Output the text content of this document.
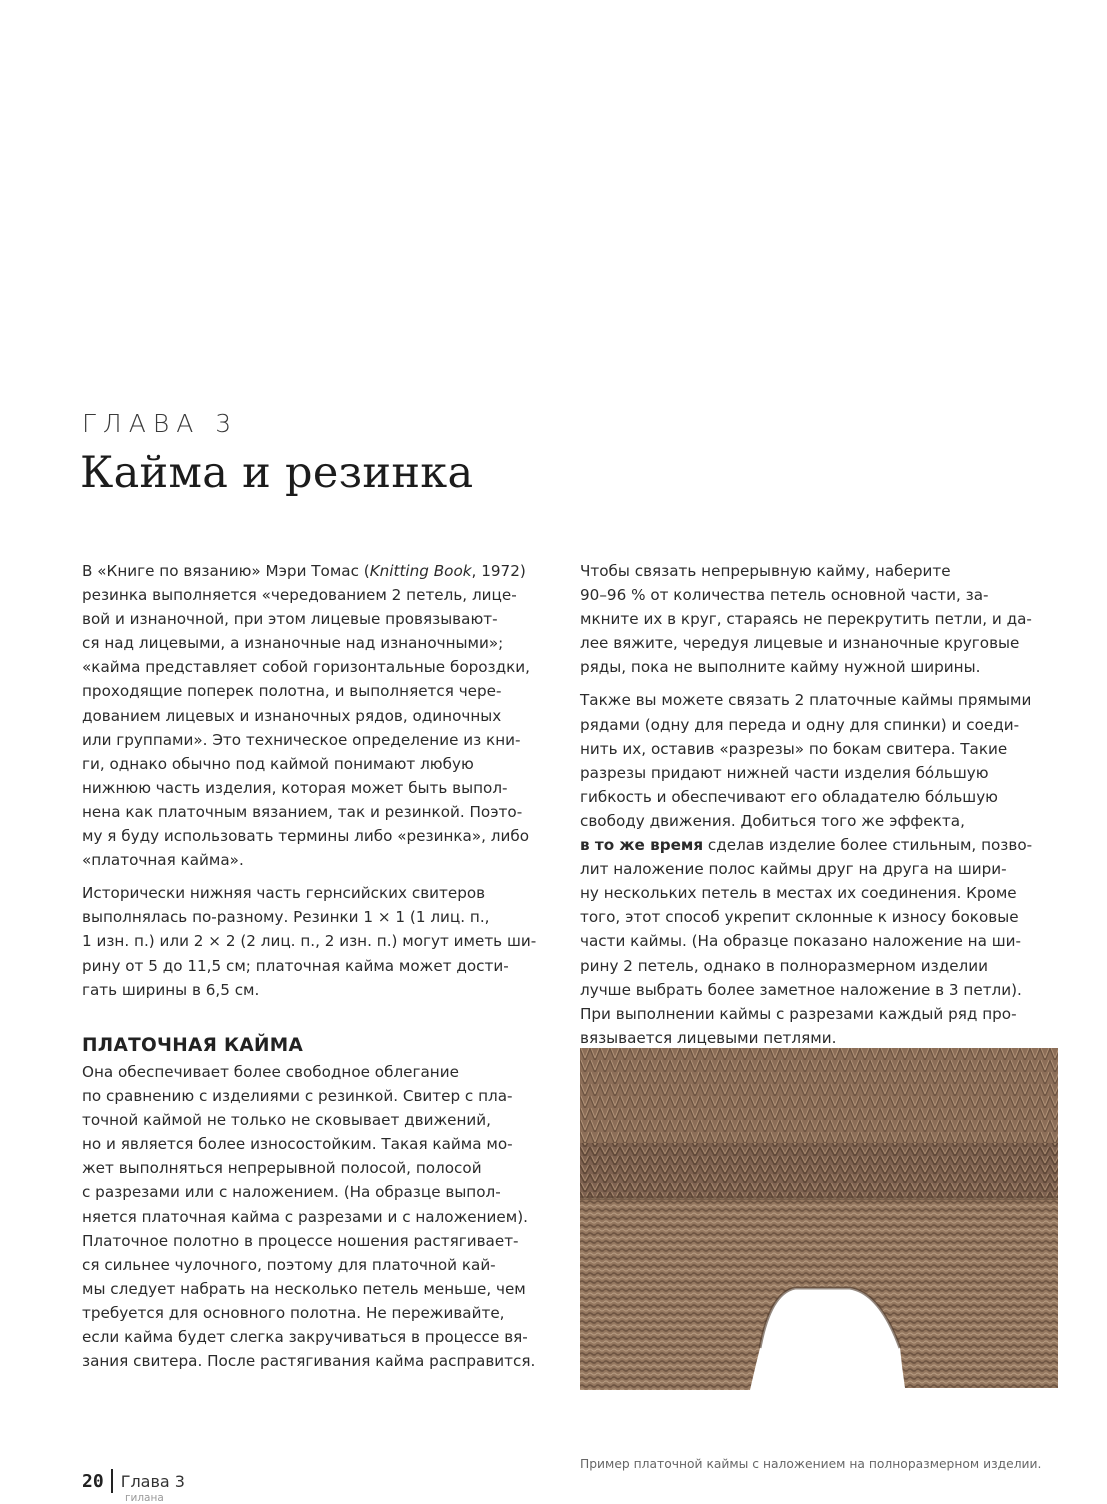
ГЛАВА 3
Кайма и резинка

В «Книге по вязанию» Мэри Томас (Knitting Book, 1972)
резинка выполняется «чередованием 2 петель, лице-
вой и изнаночной, при этом лицевые провязывают-
ся над лицевыми, а изнаночные над изнаночными»;
«кайма представляет собой горизонтальные бороздки,
проходящие поперек полотна, и выполняется чере-
дованием лицевых и изнаночных рядов, одиночных
или группами». Это техническое определение из кни-
ги, однако обычно под каймой понимают любую
нижнюю часть изделия, которая может быть выпол-
нена как платочным вязанием, так и резинкой. Поэто-
му я буду использовать термины либо «резинка», либо
«платочная кайма».

Исторически нижняя часть гернсийских свитеров
выполнялась по-разному. Резинки 1 × 1 (1 лиц. п.,
1 изн. п.) или 2 × 2 (2 лиц. п., 2 изн. п.) могут иметь ши-
рину от 5 до 11,5 см; платочная кайма может дости-
гать ширины в 6,5 см.

ПЛАТОЧНАЯ КАЙМА

Она обеспечивает более свободное облегание
по сравнению с изделиями с резинкой. Свитер с пла-
точной каймой не только не сковывает движений,
но и является более износостойким. Такая кайма мо-
жет выполняться непрерывной полосой, полосой
с разрезами или с наложением. (На образце выпол-
няется платочная кайма с разрезами и с наложением).
Платочное полотно в процессе ношения растягивает-
ся сильнее чулочного, поэтому для платочной кай-
мы следует набрать на несколько петель меньше, чем
требуется для основного полотна. Не переживайте,
если кайма будет слегка закручиваться в процессе вя-
зания свитера. После растягивания кайма расправится.

Чтобы связать непрерывную кайму, наберите
90–96 % от количества петель основной части, за-
мкните их в круг, стараясь не перекрутить петли, и да-
лее вяжите, чередуя лицевые и изнаночные круговые
ряды, пока не выполните кайму нужной ширины.

Также вы можете связать 2 платочные каймы прямыми
рядами (одну для переда и одну для спинки) и соеди-
нить их, оставив «разрезы» по бокам свитера. Такие
разрезы придают нижней части изделия бóльшую
гибкость и обеспечивают его обладателю бóльшую
свободу движения. Добиться того же эффекта,
в то же время сделав изделие более стильным, позво-
лит наложение полос каймы друг на друга на шири-
ну нескольких петель в местах их соединения. Кроме
того, этот способ укрепит склонные к износу боковые
части каймы. (На образце показано наложение на ши-
рину 2 петель, однако в полноразмерном изделии
лучше выбрать более заметное наложение в 3 петли).
При выполнении каймы с разрезами каждый ряд про-
вязывается лицевыми петлями.

Пример платочной каймы с наложением на полноразмерном изделии.
20 Глава 3
гилана
